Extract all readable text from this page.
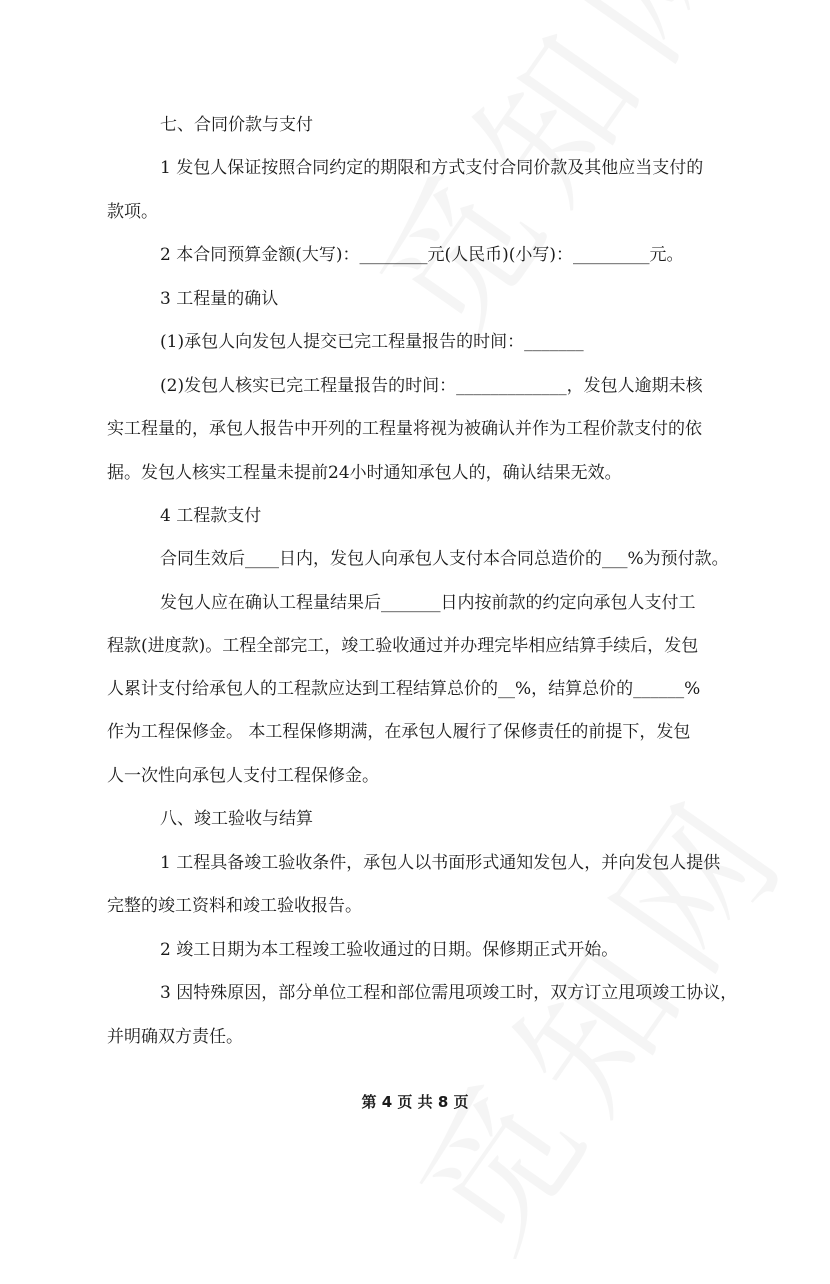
七、合同价款与支付
1 发包人保证按照合同约定的期限和方式支付合同价款及其他应当支付的
款项。
2 本合同预算金额(大写)：________元(人民币)(小写)：_________元。
3 工程量的确认
(1)承包人向发包人提交已完工程量报告的时间：_______
(2)发包人核实已完工程量报告的时间：_____________，发包人逾期未核
实工程量的，承包人报告中开列的工程量将视为被确认并作为工程价款支付的依
据。发包人核实工程量未提前24小时通知承包人的，确认结果无效。
4 工程款支付
合同生效后____日内，发包人向承包人支付本合同总造价的___%为预付款。
发包人应在确认工程量结果后_______日内按前款的约定向承包人支付工
程款(进度款)。工程全部完工，竣工验收通过并办理完毕相应结算手续后，发包
人累计支付给承包人的工程款应达到工程结算总价的__%，结算总价的______%
作为工程保修金。 本工程保修期满，在承包人履行了保修责任的前提下，发包
人一次性向承包人支付工程保修金。
八、竣工验收与结算
1 工程具备竣工验收条件，承包人以书面形式通知发包人，并向发包人提供
完整的竣工资料和竣工验收报告。
2 竣工日期为本工程竣工验收通过的日期。保修期正式开始。
3 因特殊原因，部分单位工程和部位需甩项竣工时，双方订立甩项竣工协议，
并明确双方责任。
第 4 页 共 8 页
